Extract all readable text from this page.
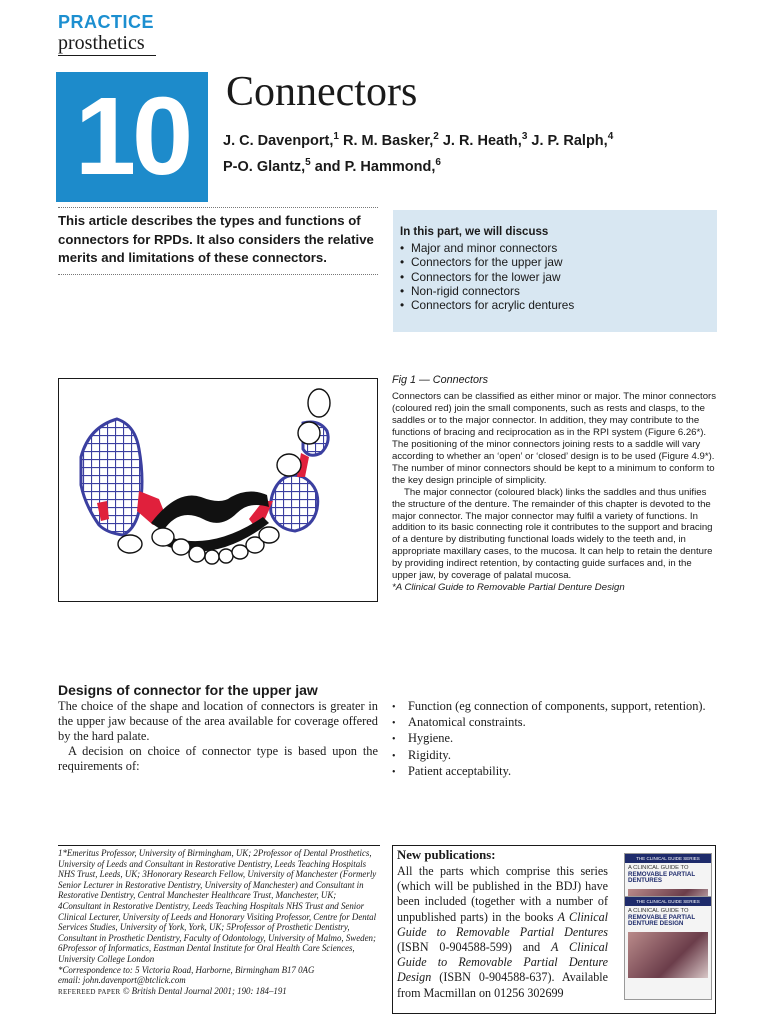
PRACTICE
prosthetics
10 Connectors
J. C. Davenport,$^1$ R. M. Basker,$^2$ J. R. Heath,$^3$ J. P. Ralph,$^4$
P-O. Glantz,$^5$ and P. Hammond,$^6$
This article describes the types and functions of connectors for RPDs. It also considers the relative merits and limitations of these connectors.
In this part, we will discuss
• Major and minor connectors
• Connectors for the upper jaw
• Connectors for the lower jaw
• Non-rigid connectors
• Connectors for acrylic dentures
Fig 1 — Connectors

Connectors can be classified as either minor or major. The minor connectors (coloured red) join the small components, such as rests and clasps, to the saddles or to the major connector. In addition, they may contribute to the functions of bracing and reciprocation as in the RPI system (Figure 6.26*). The positioning of the minor connectors joining rests to a saddle will vary according to whether an ‘open’ or ‘closed’ design is to be used (Figure 4.9*). The number of minor connectors should be kept to a minimum to conform to the key design principle of simplicity.

The major connector (coloured black) links the saddles and thus unifies the structure of the denture. The remainder of this chapter is devoted to the major connector. The major connector may fulfil a variety of functions. In addition to its basic connecting role it contributes to the support and bracing of a denture by distributing functional loads widely to the teeth and, in appropriate maxillary cases, to the mucosa. It can help to retain the denture by providing indirect retention, by contacting guide surfaces and, in the upper jaw, by coverage of palatal mucosa.

*A Clinical Guide to Removable Partial Denture Design

Designs of connector for the upper jaw

The choice of the shape and location of connectors is greater in the upper jaw because of the area available for coverage offered by the hard palate.

A decision on choice of connector type is based upon the requirements of:

• Function (eg connection of components, support, retention).
• Anatomical constraints.
• Hygiene.
• Rigidity.
• Patient acceptability.
1*Emeritus Professor, University of Birmingham, UK; 2Professor of Dental Prosthetics, University of Leeds and Consultant in Restorative Dentistry, Leeds Teaching Hospitals NHS Trust, Leeds, UK; 3Honorary Research Fellow, University of Manchester (Formerly Senior Lecturer in Restorative Dentistry, University of Manchester) and Consultant in Restorative Dentistry, Central Manchester Healthcare Trust, Manchester, UK; 4Consultant in Restorative Dentistry, Leeds Teaching Hospitals NHS Trust and Senior Clinical Lecturer, University of Leeds and Honorary Visiting Professor, Centre for Dental Services Studies, University of York, York, UK; 5Professor of Prosthetic Dentistry, Consultant in Prosthetic Dentistry, Faculty of Odontology, University of Malmo, Sweden; 6Professor of Informatics, Eastman Dental Institute for Oral Health Care Sciences, University College London
*Correspondence to: 5 Victoria Road, Harborne, Birmingham B17 0AG
email: john.davenport@btclick.com
REFEREED PAPER © British Dental Journal 2001; 190: 184–191
New publications:
All the parts which comprise this series (which will be published in the BDJ) have been included (together with a number of unpublished parts) in the books A Clinical Guide to Removable Partial Dentures (ISBN 0-904588-599) and A Clinical Guide to Removable Partial Denture Design (ISBN 0-904588-637). Available from Macmillan on 01256 302699
THE CLINICAL GUIDE SERIES
A CLINICAL GUIDE TO
REMOVABLE PARTIAL DENTURES
THE CLINICAL GUIDE SERIES
A CLINICAL GUIDE TO
REMOVABLE PARTIAL DENTURE DESIGN
